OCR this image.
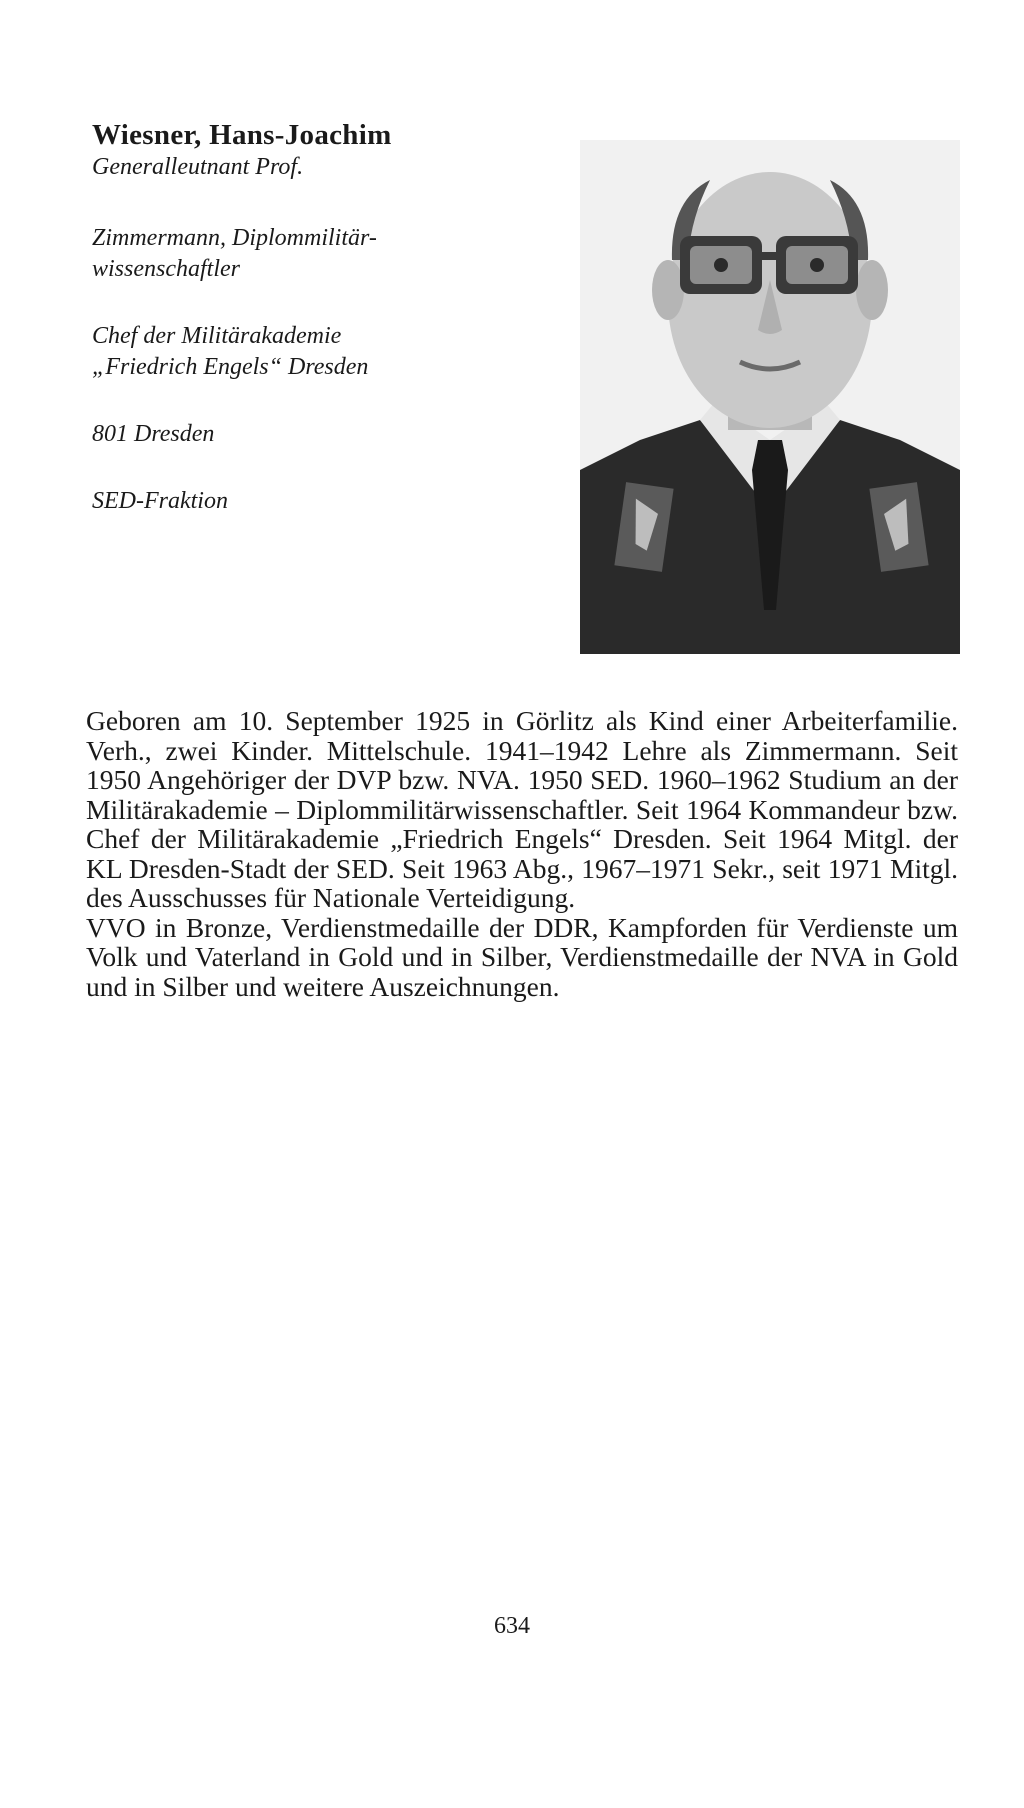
Wiesner, Hans-Joachim

Generalleutnant Prof.

Zimmermann, Diplommilitär-

wissenschaftler

Chef der Militärakademie

„Friedrich Engels“ Dresden

801 Dresden

SED-Fraktion

Geboren am 10. September 1925 in Görlitz als Kind einer Arbeiterfamilie. Verh., zwei Kinder. Mittelschule. 1941–1942 Lehre als Zimmermann. Seit 1950 Angehöriger der DVP bzw. NVA. 1950 SED. 1960–1962 Studium an der Militärakademie – Diplommilitärwissenschaftler. Seit 1964 Kommandeur bzw. Chef der Militärakademie „Friedrich Engels“ Dresden. Seit 1964 Mitgl. der KL Dresden-Stadt der SED. Seit 1963 Abg., 1967–1971 Sekr., seit 1971 Mitgl. des Ausschusses für Nationale Verteidigung.

VVO in Bronze, Verdienstmedaille der DDR, Kampforden für Verdienste um Volk und Vaterland in Gold und in Silber, Verdienstmedaille der NVA in Gold und in Silber und weitere Auszeichnungen.

634
